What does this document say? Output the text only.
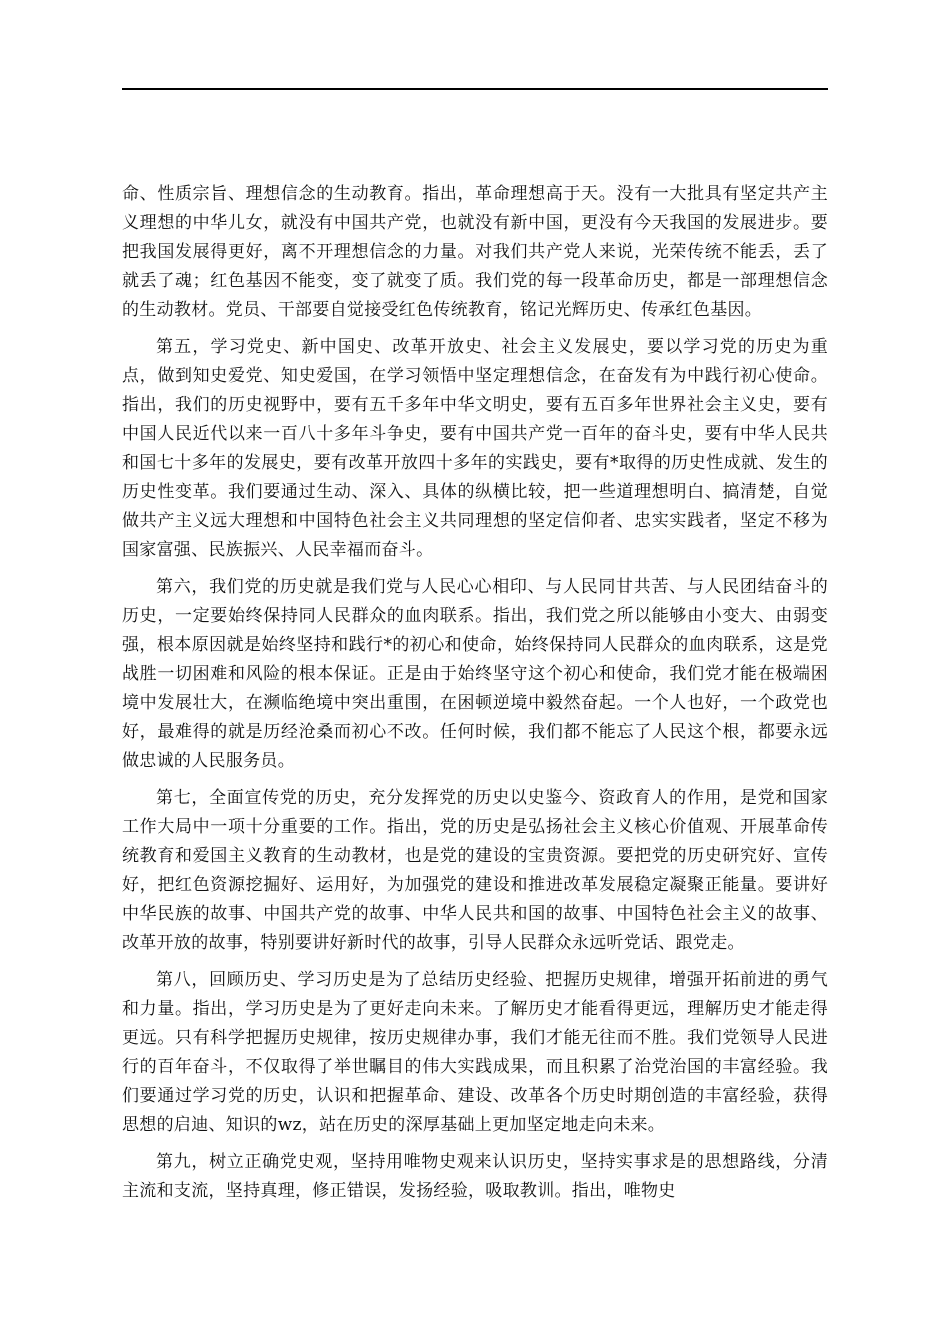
命、性质宗旨、理想信念的生动教育。指出，革命理想高于天。没有一大批具有坚定共产主义理想的中华儿女，就没有中国共产党，也就没有新中国，更没有今天我国的发展进步。要把我国发展得更好，离不开理想信念的力量。对我们共产党人来说，光荣传统不能丢，丢了就丢了魂；红色基因不能变，变了就变了质。我们党的每一段革命历史，都是一部理想信念的生动教材。党员、干部要自觉接受红色传统教育，铭记光辉历史、传承红色基因。

第五，学习党史、新中国史、改革开放史、社会主义发展史，要以学习党的历史为重点，做到知史爱党、知史爱国，在学习领悟中坚定理想信念，在奋发有为中践行初心使命。指出，我们的历史视野中，要有五千多年中华文明史，要有五百多年世界社会主义史，要有中国人民近代以来一百八十多年斗争史，要有中国共产党一百年的奋斗史，要有中华人民共和国七十多年的发展史，要有改革开放四十多年的实践史，要有*取得的历史性成就、发生的历史性变革。我们要通过生动、深入、具体的纵横比较，把一些道理想明白、搞清楚，自觉做共产主义远大理想和中国特色社会主义共同理想的坚定信仰者、忠实实践者，坚定不移为国家富强、民族振兴、人民幸福而奋斗。

第六，我们党的历史就是我们党与人民心心相印、与人民同甘共苦、与人民团结奋斗的历史，一定要始终保持同人民群众的血肉联系。指出，我们党之所以能够由小变大、由弱变强，根本原因就是始终坚持和践行*的初心和使命，始终保持同人民群众的血肉联系，这是党战胜一切困难和风险的根本保证。正是由于始终坚守这个初心和使命，我们党才能在极端困境中发展壮大，在濒临绝境中突出重围，在困顿逆境中毅然奋起。一个人也好，一个政党也好，最难得的就是历经沧桑而初心不改。任何时候，我们都不能忘了人民这个根，都要永远做忠诚的人民服务员。

第七，全面宣传党的历史，充分发挥党的历史以史鉴今、资政育人的作用，是党和国家工作大局中一项十分重要的工作。指出，党的历史是弘扬社会主义核心价值观、开展革命传统教育和爱国主义教育的生动教材，也是党的建设的宝贵资源。要把党的历史研究好、宣传好，把红色资源挖掘好、运用好，为加强党的建设和推进改革发展稳定凝聚正能量。要讲好中华民族的故事、中国共产党的故事、中华人民共和国的故事、中国特色社会主义的故事、改革开放的故事，特别要讲好新时代的故事，引导人民群众永远听党话、跟党走。

第八，回顾历史、学习历史是为了总结历史经验、把握历史规律，增强开拓前进的勇气和力量。指出，学习历史是为了更好走向未来。了解历史才能看得更远，理解历史才能走得更远。只有科学把握历史规律，按历史规律办事，我们才能无往而不胜。我们党领导人民进行的百年奋斗，不仅取得了举世瞩目的伟大实践成果，而且积累了治党治国的丰富经验。我们要通过学习党的历史，认识和把握革命、建设、改革各个历史时期创造的丰富经验，获得思想的启迪、知识的wz，站在历史的深厚基础上更加坚定地走向未来。

第九，树立正确党史观，坚持用唯物史观来认识历史，坚持实事求是的思想路线，分清主流和支流，坚持真理，修正错误，发扬经验，吸取教训。指出，唯物史
